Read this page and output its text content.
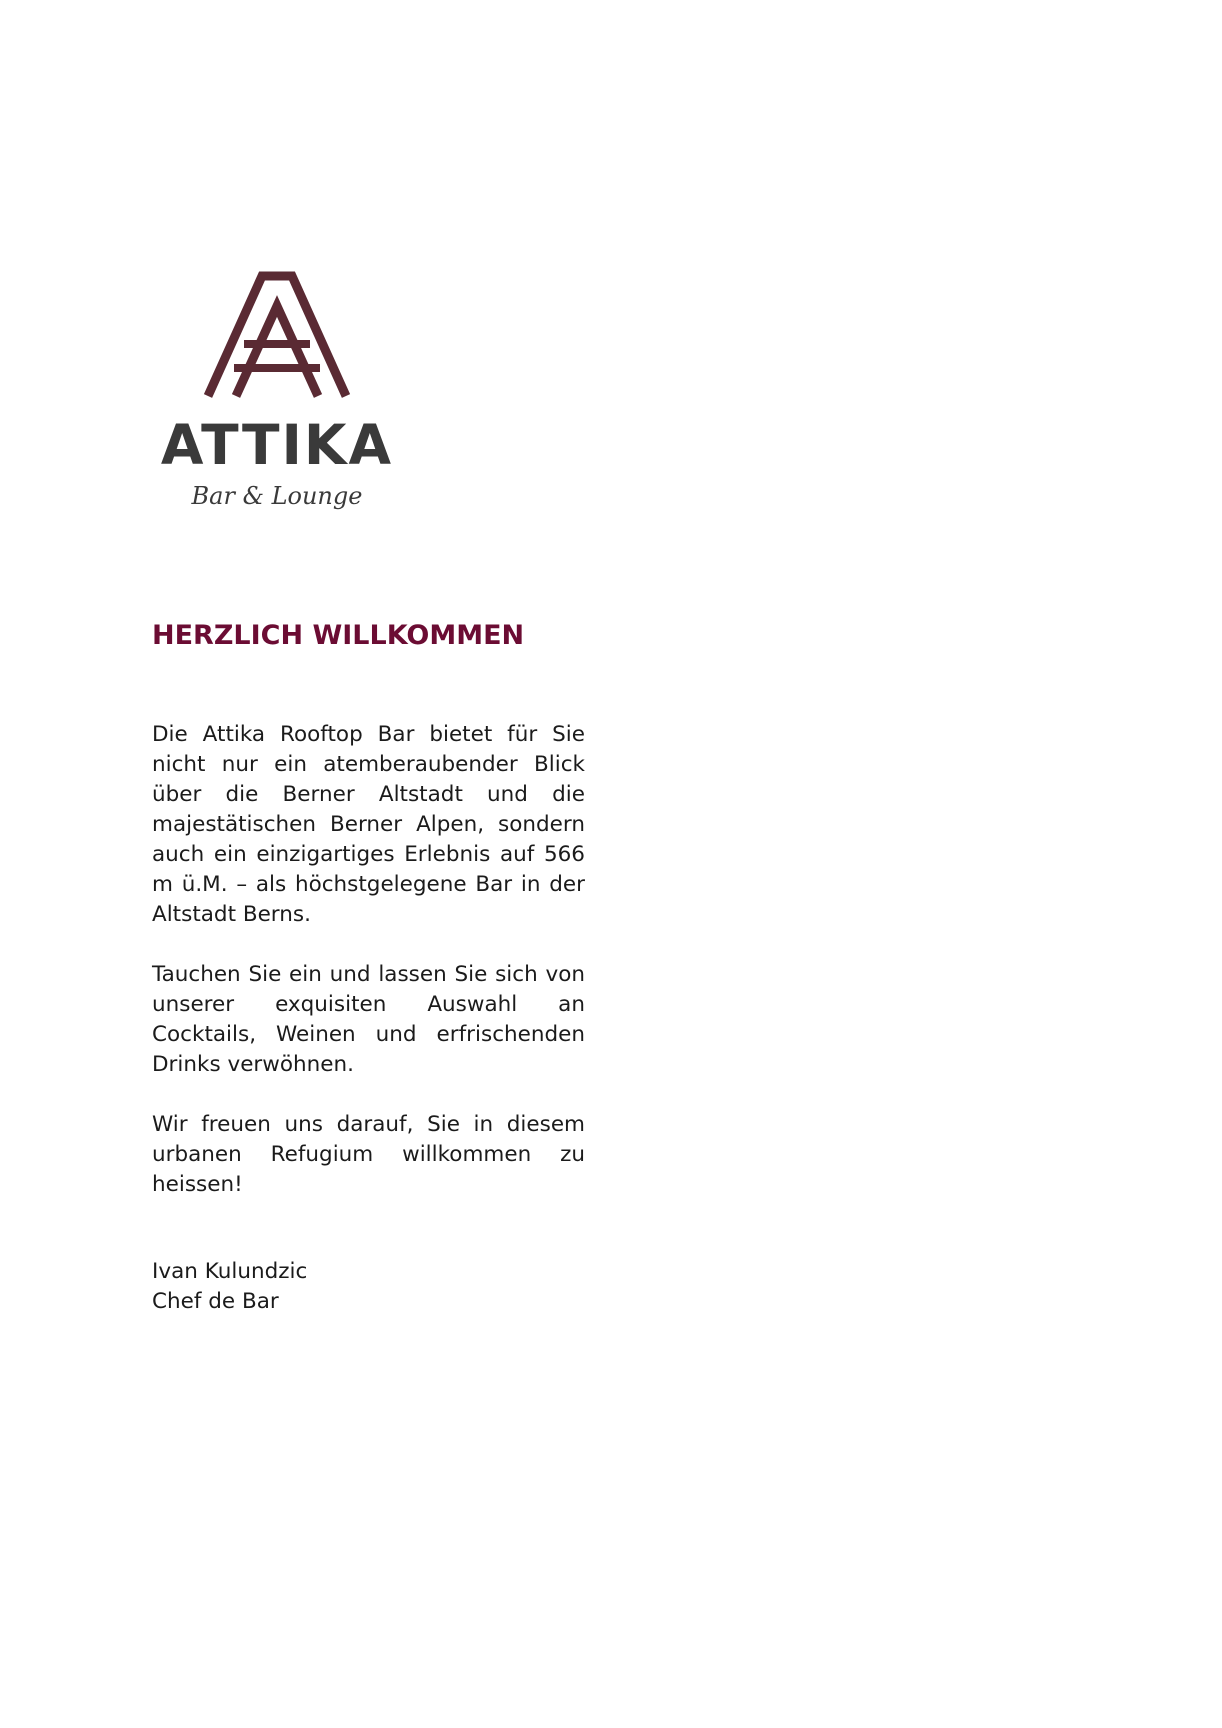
ATTIKA
Bar & Lounge
HERZLICH WILLKOMMEN

Die Attika Rooftop Bar bietet für Sie nicht nur ein atemberaubender Blick über die Berner Altstadt und die majestätischen Berner Alpen, sondern auch ein einzigartiges Erlebnis auf 566 m ü.M. – als höchstgelegene Bar in der Altstadt Berns.

Tauchen Sie ein und lassen Sie sich von unserer exquisiten Auswahl an Cocktails, Weinen und erfrischenden Drinks verwöhnen.

Wir freuen uns darauf, Sie in diesem urbanen Refugium willkommen zu heissen!

Ivan Kulundzic
Chef de Bar
